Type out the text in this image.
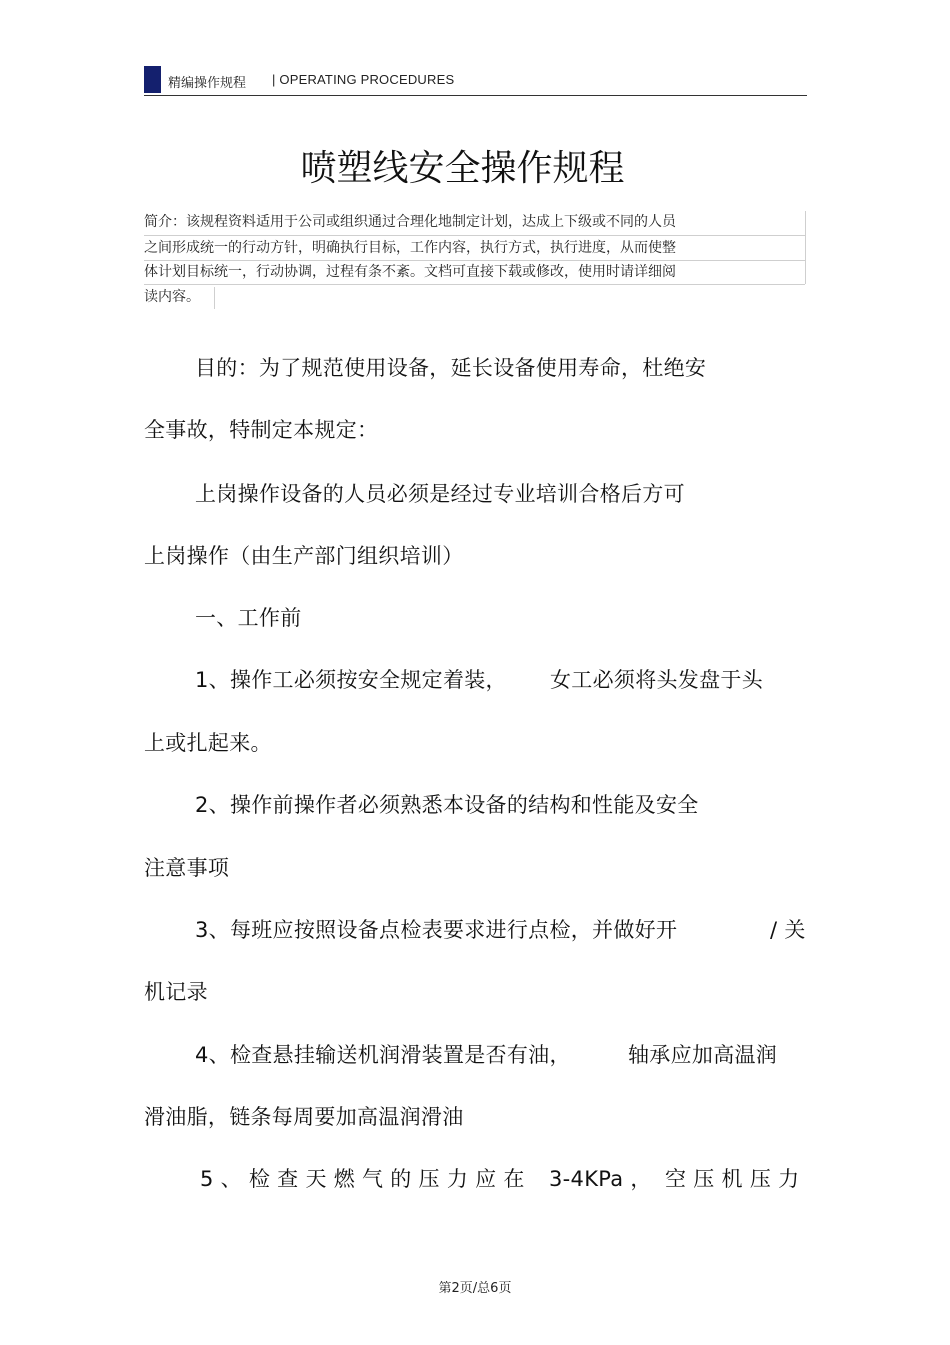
精编操作规程 | OPERATING PROCEDURES
喷塑线安全操作规程
简介：该规程资料适用于公司或组织通过合理化地制定计划，达成上下级或不同的人员
之间形成统一的行动方针，明确执行目标，工作内容，执行方式，执行进度，从而使整
体计划目标统一，行动协调，过程有条不紊。文档可直接下载或修改，使用时请详细阅
读内容。
目的：为了规范使用设备，延长设备使用寿命，杜绝安
全事故，特制定本规定：
上岗操作设备的人员必须是经过专业培训合格后方可
上岗操作（由生产部门组织培训）
一、工作前
1、操作工必须按安全规定着装， 女工必须将头发盘于头
上或扎起来。
2、操作前操作者必须熟悉本设备的结构和性能及安全
注意事项
3、每班应按照设备点检表要求进行点检，并做好开	/ 关
机记录
4、检查悬挂输送机润滑装置是否有油，	轴承应加高温润
滑油脂，链条每周要加高温润滑油
5 、 检 查 天 燃 气 的 压 力 应 在 3-4KPa ， 空 压 机 压 力
第2页/总6页
